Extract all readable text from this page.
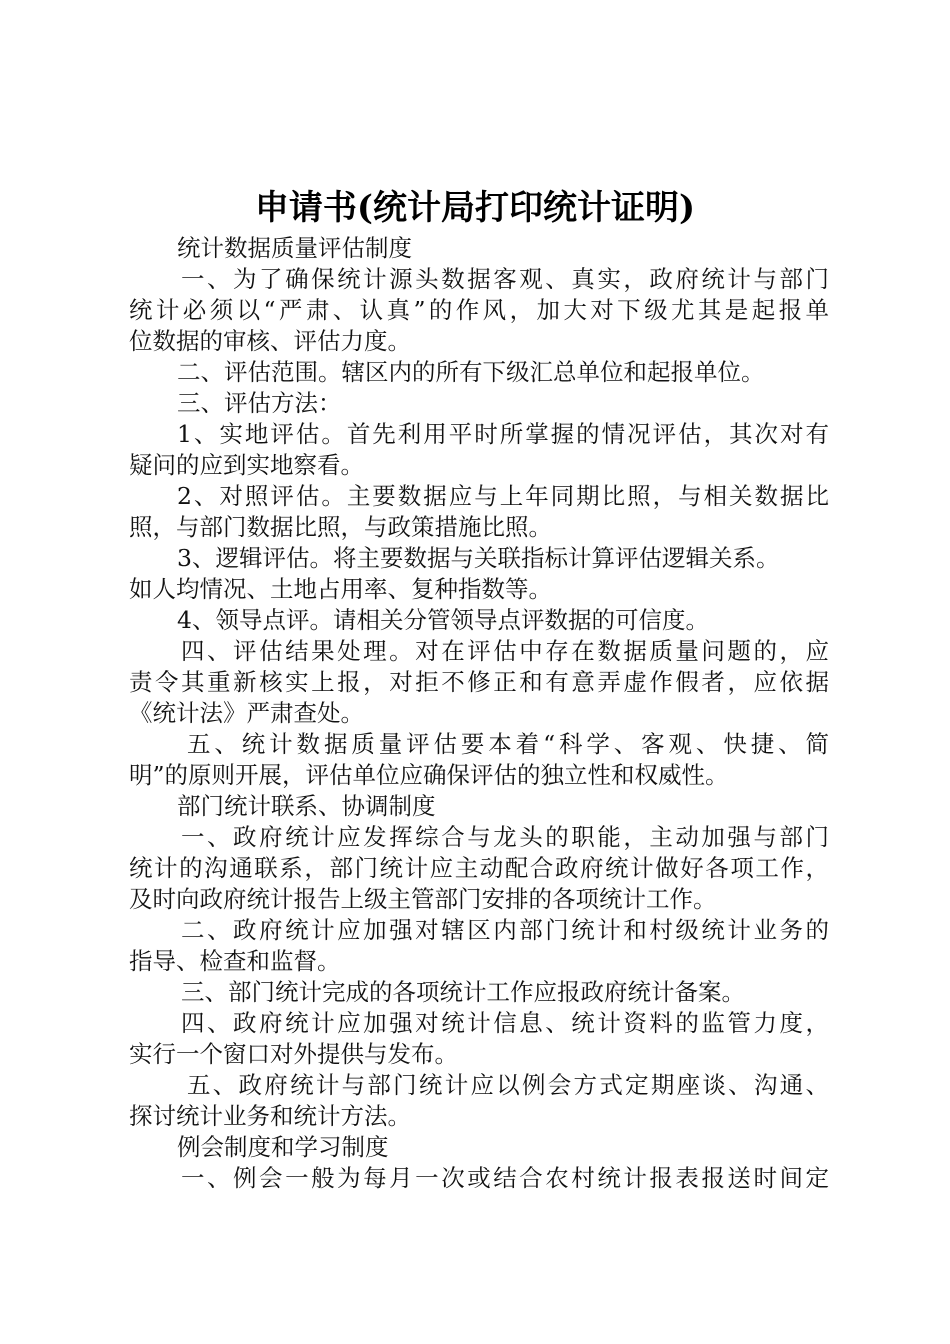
申请书(统计局打印统计证明)
统计数据质量评估制度
一、为了确保统计源头数据客观、真实，政府统计与部门
统计必须以“严肃、认真”的作风，加大对下级尤其是起报单
位数据的审核、评估力度。
二、评估范围。辖区内的所有下级汇总单位和起报单位。
三、评估方法：
1、实地评估。首先利用平时所掌握的情况评估，其次对有
疑问的应到实地察看。
2、对照评估。主要数据应与上年同期比照，与相关数据比
照，与部门数据比照，与政策措施比照。
3、逻辑评估。将主要数据与关联指标计算评估逻辑关系。
如人均情况、土地占用率、复种指数等。
4、领导点评。请相关分管领导点评数据的可信度。
四、评估结果处理。对在评估中存在数据质量问题的，应
责令其重新核实上报，对拒不修正和有意弄虚作假者，应依据
《统计法》严肃查处。
五、统计数据质量评估要本着“科学、客观、快捷、简
明”的原则开展，评估单位应确保评估的独立性和权威性。
部门统计联系、协调制度
一、政府统计应发挥综合与龙头的职能，主动加强与部门
统计的沟通联系，部门统计应主动配合政府统计做好各项工作，
及时向政府统计报告上级主管部门安排的各项统计工作。
二、政府统计应加强对辖区内部门统计和村级统计业务的
指导、检查和监督。
三、部门统计完成的各项统计工作应报政府统计备案。
四、政府统计应加强对统计信息、统计资料的监管力度，
实行一个窗口对外提供与发布。
五、政府统计与部门统计应以例会方式定期座谈、沟通、
探讨统计业务和统计方法。
例会制度和学习制度
一、例会一般为每月一次或结合农村统计报表报送时间定
